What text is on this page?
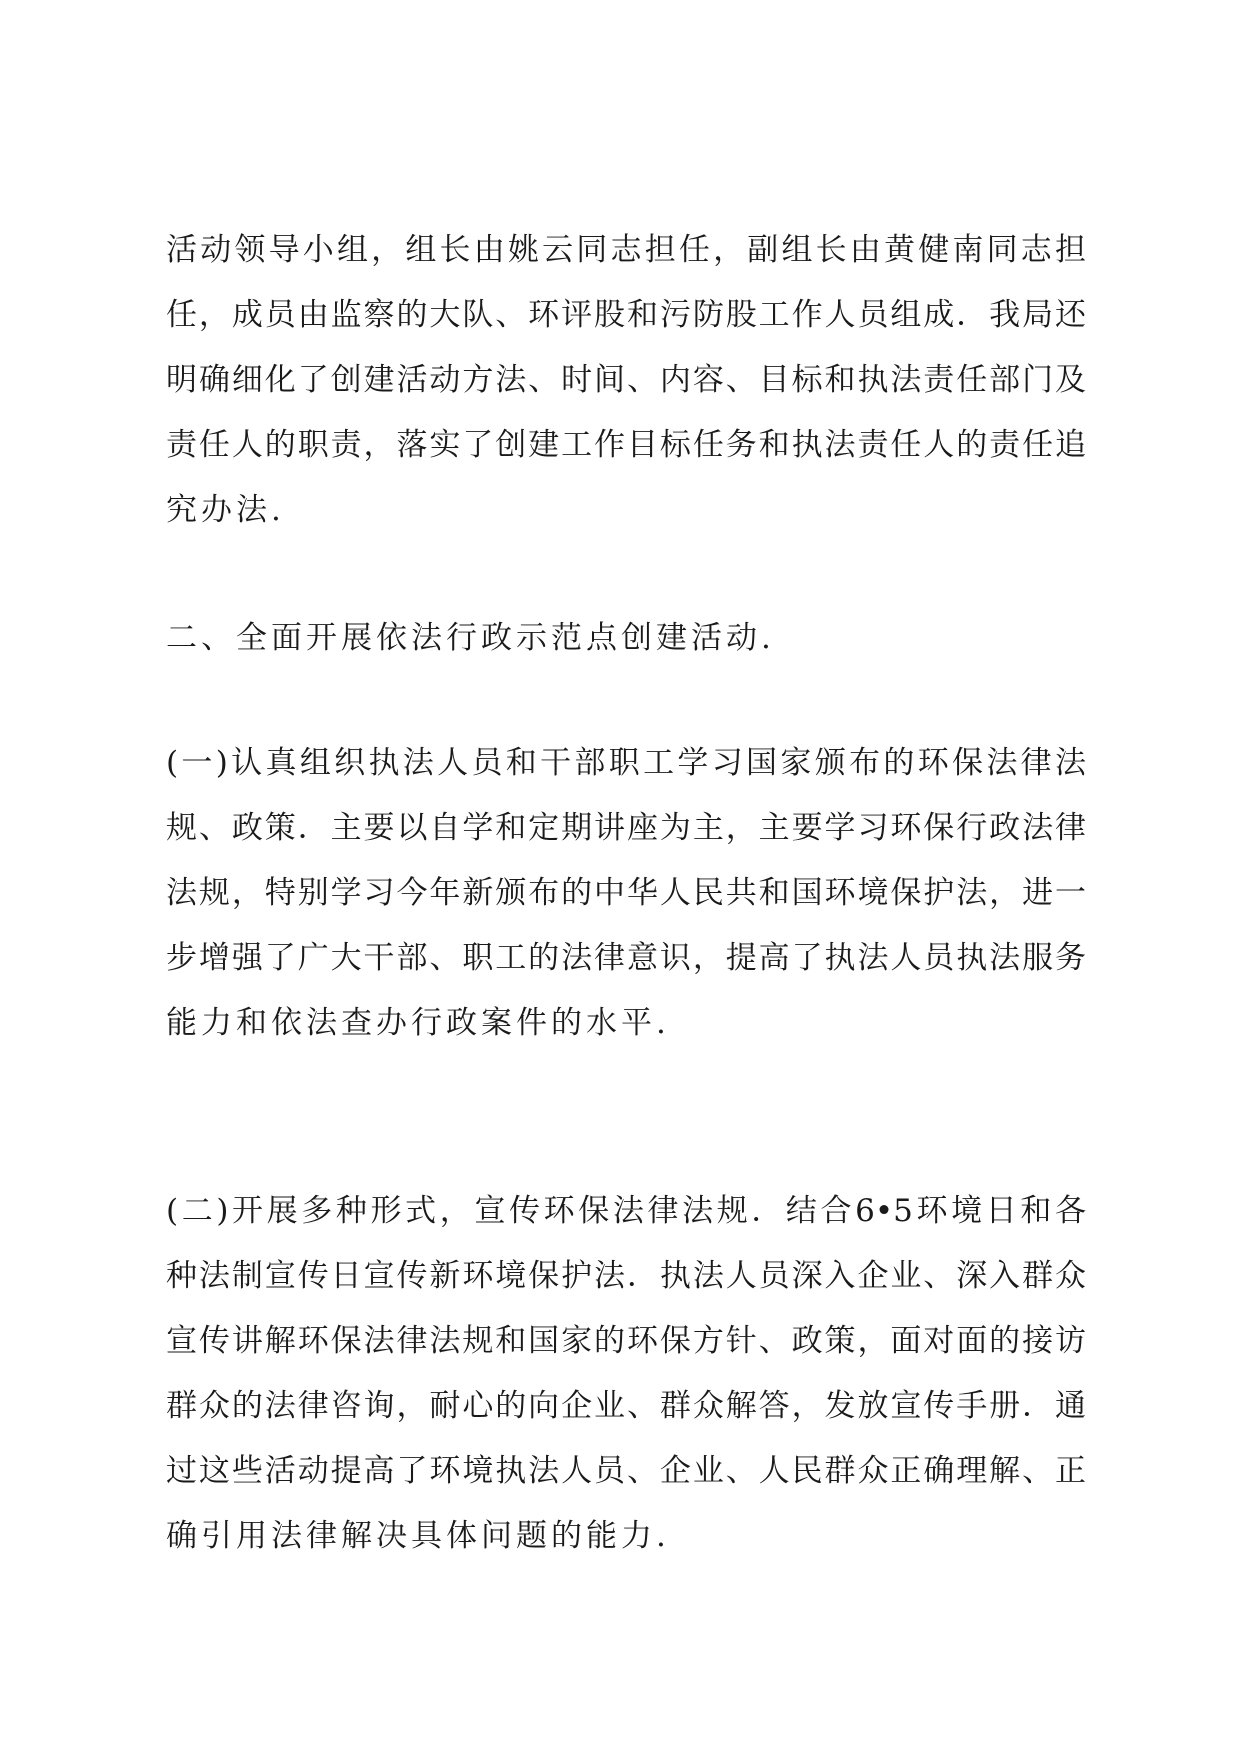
活动领导小组，组长由姚云同志担任，副组长由黄健南同志担
任，成员由监察的大队、环评股和污防股工作人员组成．我局还
明确细化了创建活动方法、时间、内容、目标和执法责任部门及
责任人的职责，落实了创建工作目标任务和执法责任人的责任追
究办法.
二、全面开展依法行政示范点创建活动.
(一)认真组织执法人员和干部职工学习国家颁布的环保法律法
规、政策．主要以自学和定期讲座为主，主要学习环保行政法律
法规，特别学习今年新颁布的中华人民共和国环境保护法，进一
步增强了广大干部、职工的法律意识，提高了执法人员执法服务
能力和依法查办行政案件的水平.
(二)开展多种形式，宣传环保法律法规．结合6•5环境日和各
种法制宣传日宣传新环境保护法．执法人员深入企业、深入群众
宣传讲解环保法律法规和国家的环保方针、政策，面对面的接访
群众的法律咨询，耐心的向企业、群众解答，发放宣传手册．通
过这些活动提高了环境执法人员、企业、人民群众正确理解、正
确引用法律解决具体问题的能力.
